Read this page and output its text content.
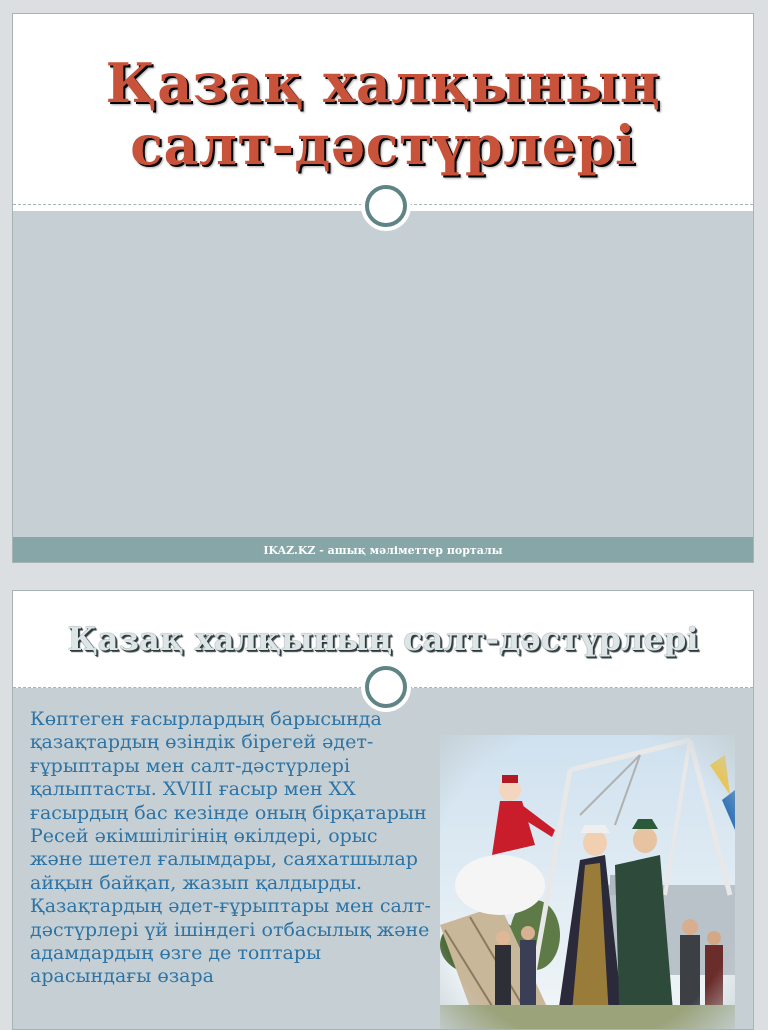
Қазақ халқының
салт-дәстүрлері
IKAZ.KZ - ашық мәліметтер порталы
Қазақ халқының салт-дәстүрлері

Көптеген ғасырлардың барысында қазақтардың өзіндік бірегей әдет-ғұрыптары мен салт-дәстүрлері қалыптасты. XVIII ғасыр мен XX ғасырдың бас кезінде оның бірқатарын Ресей әкімшілігінің өкілдері, орыс және шетел ғалымдары, саяхатшылар айқын байқап, жазып қалдырды. Қазақтардың әдет-ғұрыптары мен салт-дәстүрлері үй ішіндегі отбасылық және адамдардың өзге де топтары арасындағы өзара
